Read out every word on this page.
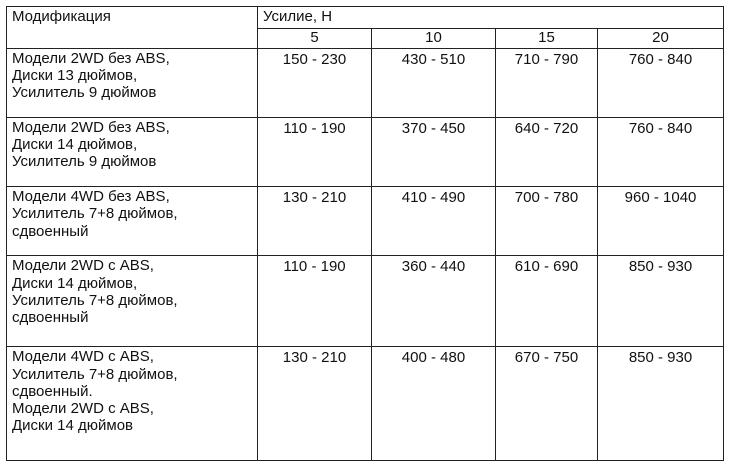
Модификация	Усилие, Н			
	5	10	15	20

Модели 2WD без ABS,
Диски 13 дюймов,
Усилитель 9 дюймов	150 - 230	430 - 510	710 - 790	760 - 840

Модели 2WD без ABS,
Диски 14 дюймов,
Усилитель 9 дюймов	110 - 190	370 - 450	640 - 720	760 - 840

Модели 4WD без ABS,
Усилитель 7+8 дюймов,
сдвоенный	130 - 210	410 - 490	700 - 780	960 - 1040

Модели 2WD с ABS,
Диски 14 дюймов,
Усилитель 7+8 дюймов,
сдвоенный	110 - 190	360 - 440	610 - 690	850 - 930

Модели 4WD с ABS,
Усилитель 7+8 дюймов,
сдвоенный.
Модели 2WD с ABS,
Диски 14 дюймов	130 - 210	400 - 480	670 - 750	850 - 930
